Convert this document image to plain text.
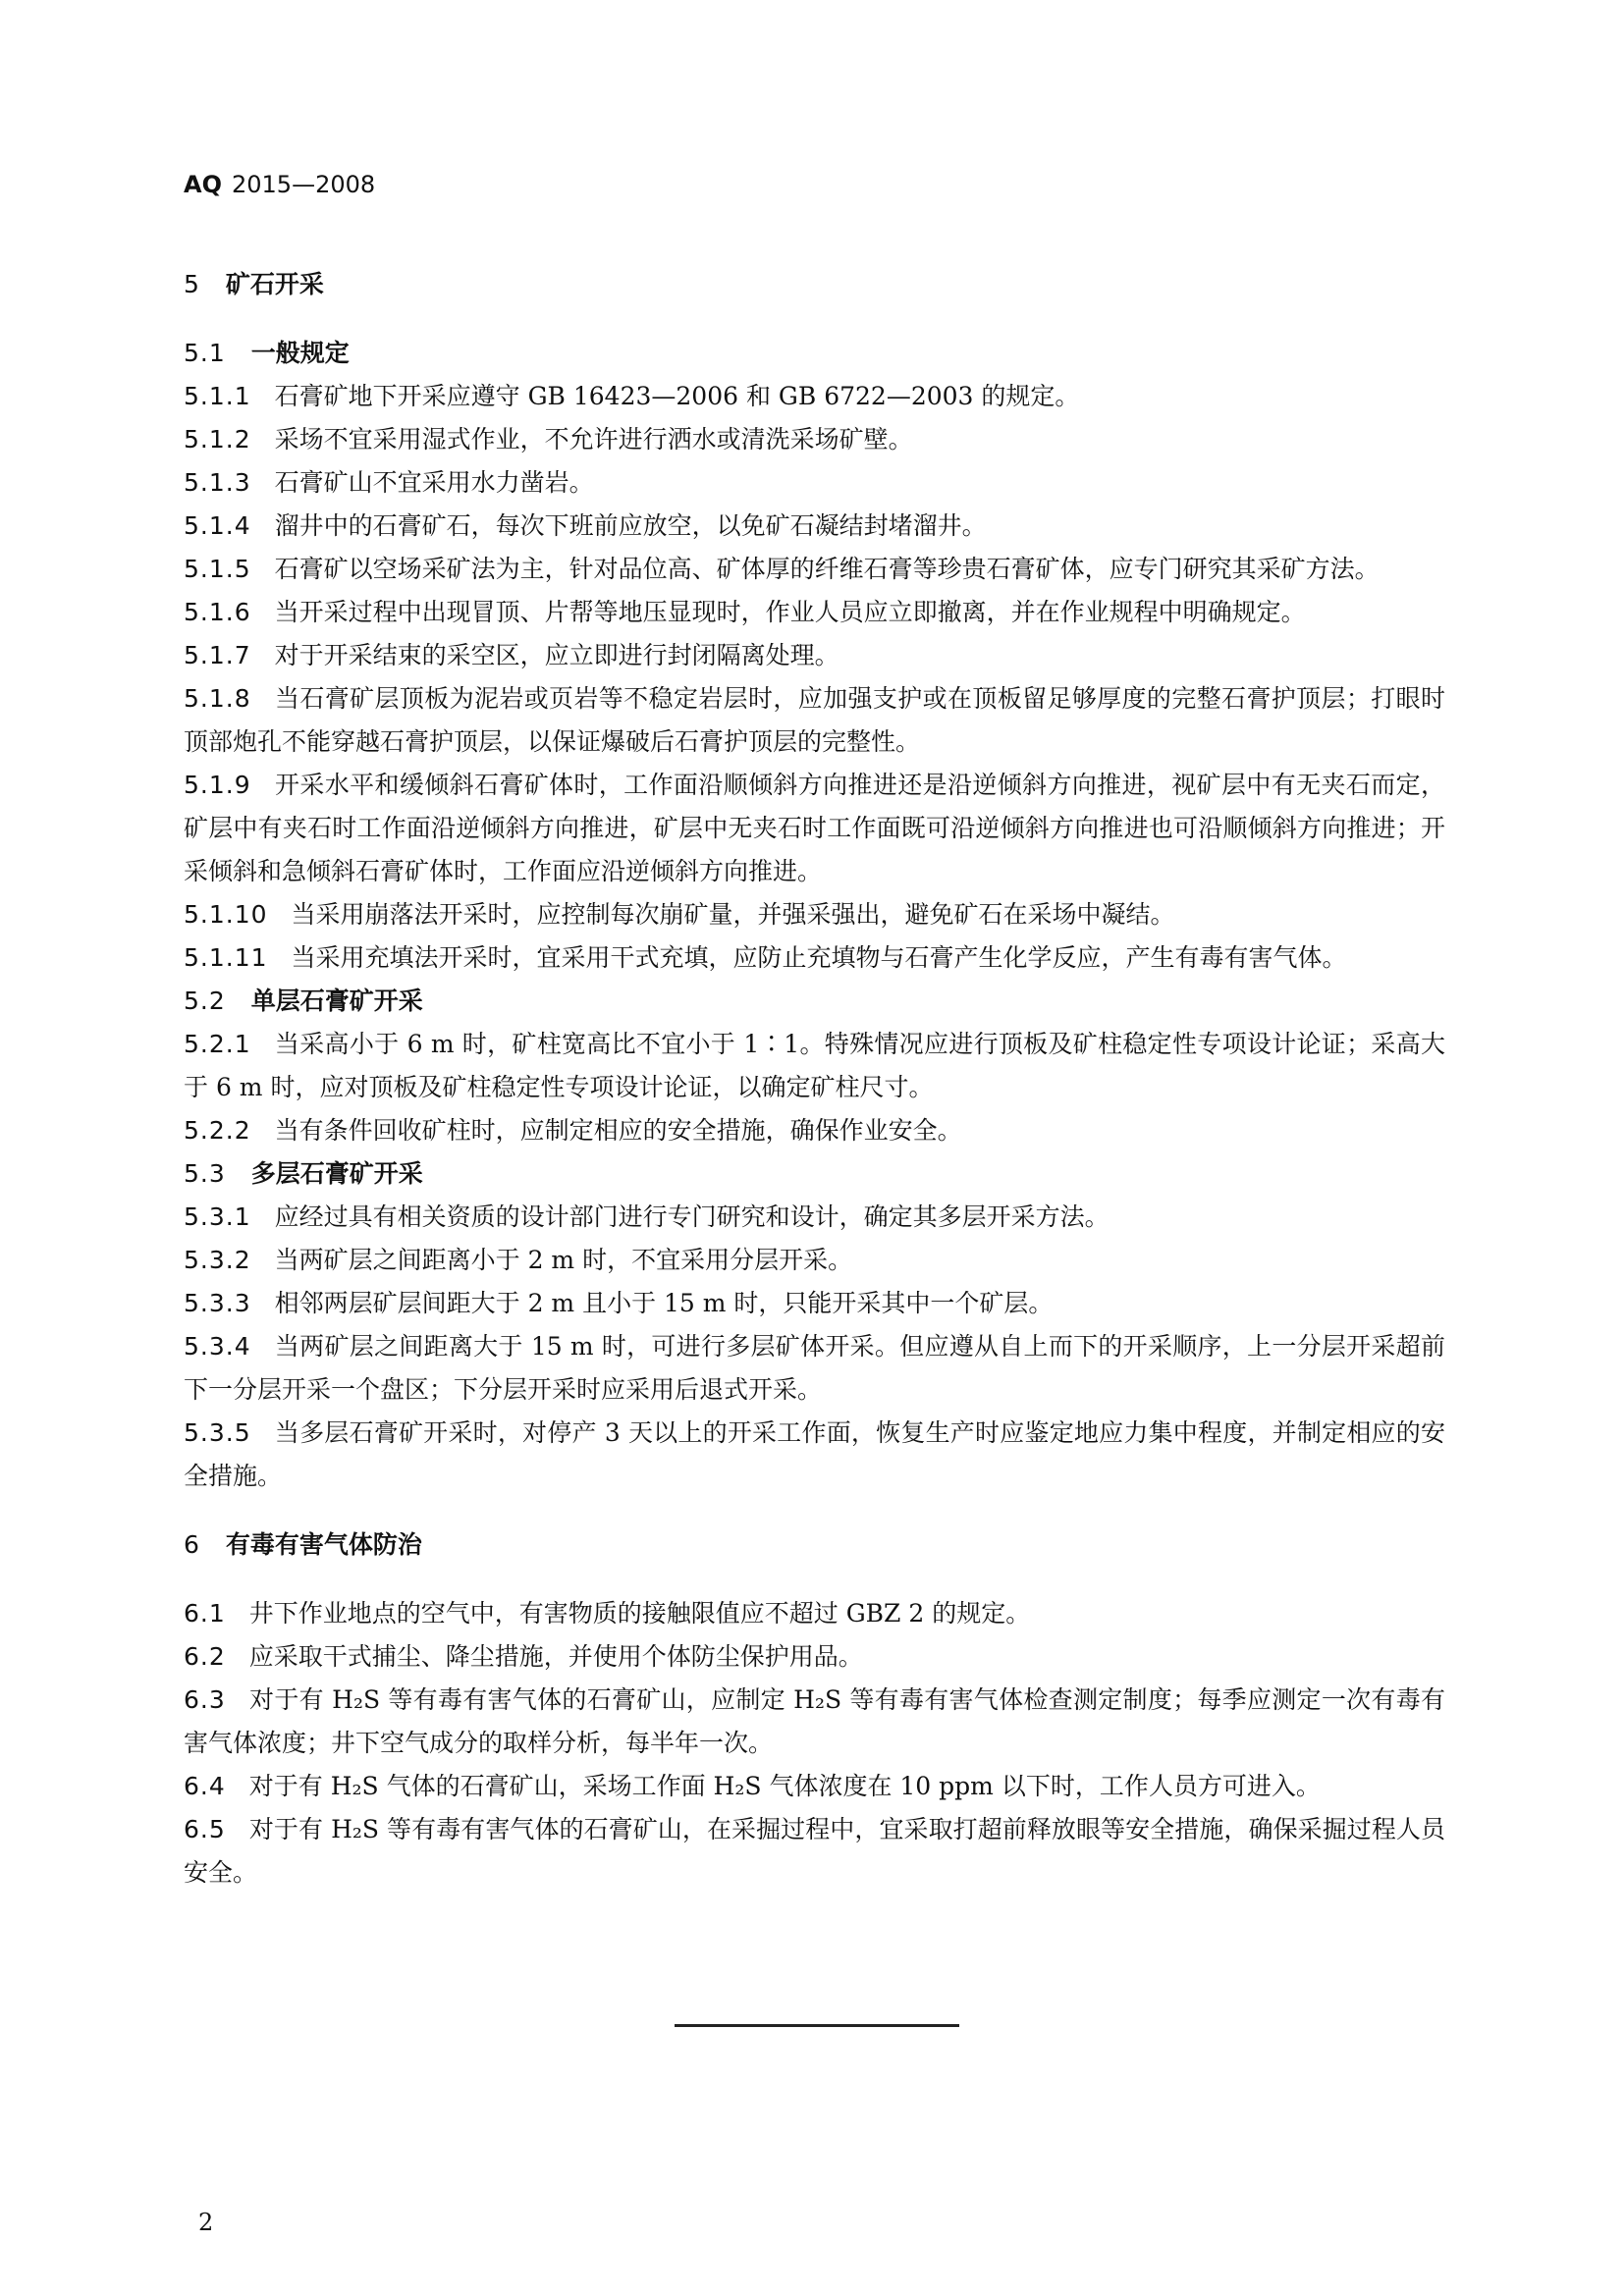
AQ 2015—2008
5 矿石开采
5.1 一般规定
5.1.1 石膏矿地下开采应遵守 GB 16423—2006 和 GB 6722—2003 的规定。
5.1.2 采场不宜采用湿式作业，不允许进行洒水或清洗采场矿壁。
5.1.3 石膏矿山不宜采用水力凿岩。
5.1.4 溜井中的石膏矿石，每次下班前应放空，以免矿石凝结封堵溜井。
5.1.5 石膏矿以空场采矿法为主，针对品位高、矿体厚的纤维石膏等珍贵石膏矿体，应专门研究其采矿方法。
5.1.6 当开采过程中出现冒顶、片帮等地压显现时，作业人员应立即撤离，并在作业规程中明确规定。
5.1.7 对于开采结束的采空区，应立即进行封闭隔离处理。
5.1.8 当石膏矿层顶板为泥岩或页岩等不稳定岩层时，应加强支护或在顶板留足够厚度的完整石膏护顶层；打眼时顶部炮孔不能穿越石膏护顶层，以保证爆破后石膏护顶层的完整性。
5.1.9 开采水平和缓倾斜石膏矿体时，工作面沿顺倾斜方向推进还是沿逆倾斜方向推进，视矿层中有无夹石而定，矿层中有夹石时工作面沿逆倾斜方向推进，矿层中无夹石时工作面既可沿逆倾斜方向推进也可沿顺倾斜方向推进；开采倾斜和急倾斜石膏矿体时，工作面应沿逆倾斜方向推进。
5.1.10 当采用崩落法开采时，应控制每次崩矿量，并强采强出，避免矿石在采场中凝结。
5.1.11 当采用充填法开采时，宜采用干式充填，应防止充填物与石膏产生化学反应，产生有毒有害气体。
5.2 单层石膏矿开采
5.2.1 当采高小于 6 m 时，矿柱宽高比不宜小于 1∶1。特殊情况应进行顶板及矿柱稳定性专项设计论证；采高大于 6 m 时，应对顶板及矿柱稳定性专项设计论证，以确定矿柱尺寸。
5.2.2 当有条件回收矿柱时，应制定相应的安全措施，确保作业安全。
5.3 多层石膏矿开采
5.3.1 应经过具有相关资质的设计部门进行专门研究和设计，确定其多层开采方法。
5.3.2 当两矿层之间距离小于 2 m 时，不宜采用分层开采。
5.3.3 相邻两层矿层间距大于 2 m 且小于 15 m 时，只能开采其中一个矿层。
5.3.4 当两矿层之间距离大于 15 m 时，可进行多层矿体开采。但应遵从自上而下的开采顺序，上一分层开采超前下一分层开采一个盘区；下分层开采时应采用后退式开采。
5.3.5 当多层石膏矿开采时，对停产 3 天以上的开采工作面，恢复生产时应鉴定地应力集中程度，并制定相应的安全措施。
6 有毒有害气体防治
6.1 井下作业地点的空气中，有害物质的接触限值应不超过 GBZ 2 的规定。
6.2 应采取干式捕尘、降尘措施，并使用个体防尘保护用品。
6.3 对于有 H₂S 等有毒有害气体的石膏矿山，应制定 H₂S 等有毒有害气体检查测定制度；每季应测定一次有毒有害气体浓度；井下空气成分的取样分析，每半年一次。
6.4 对于有 H₂S 气体的石膏矿山，采场工作面 H₂S 气体浓度在 10 ppm 以下时，工作人员方可进入。
6.5 对于有 H₂S 等有毒有害气体的石膏矿山，在采掘过程中，宜采取打超前释放眼等安全措施，确保采掘过程人员安全。
2
